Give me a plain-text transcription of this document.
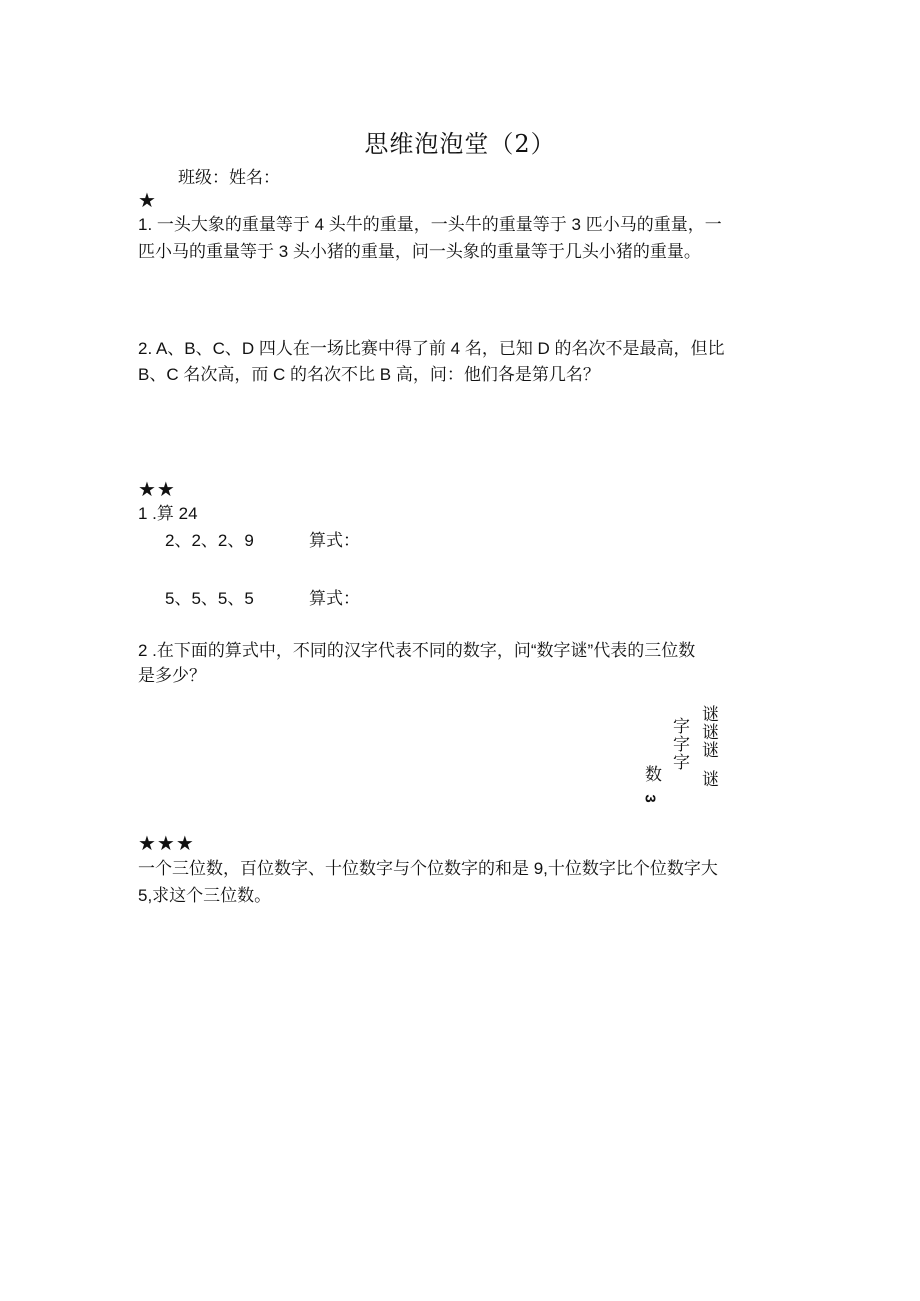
思维泡泡堂（2）
班级：姓名：
★
1. 一头大象的重量等于 4 头牛的重量，一头牛的重量等于 3 匹小马的重量，一
匹小马的重量等于 3 头小猪的重量，问一头象的重量等于几头小猪的重量。
2. A、B、C、D 四人在一场比赛中得了前 4 名，已知 D 的名次不是最高，但比
B、C 名次高，而 C 的名次不比 B 高，问：他们各是第几名？
★★
1 .算 24
2、2、2、9	算式：
5、5、5、5	算式：
2 .在下面的算式中，不同的汉字代表不同的数字，问“数字谜”代表的三位数
是多少？
谜谜谜
谜
字字字
数
3
★★★
一个三位数，百位数字、十位数字与个位数字的和是 9,十位数字比个位数字大
5,求这个三位数。
